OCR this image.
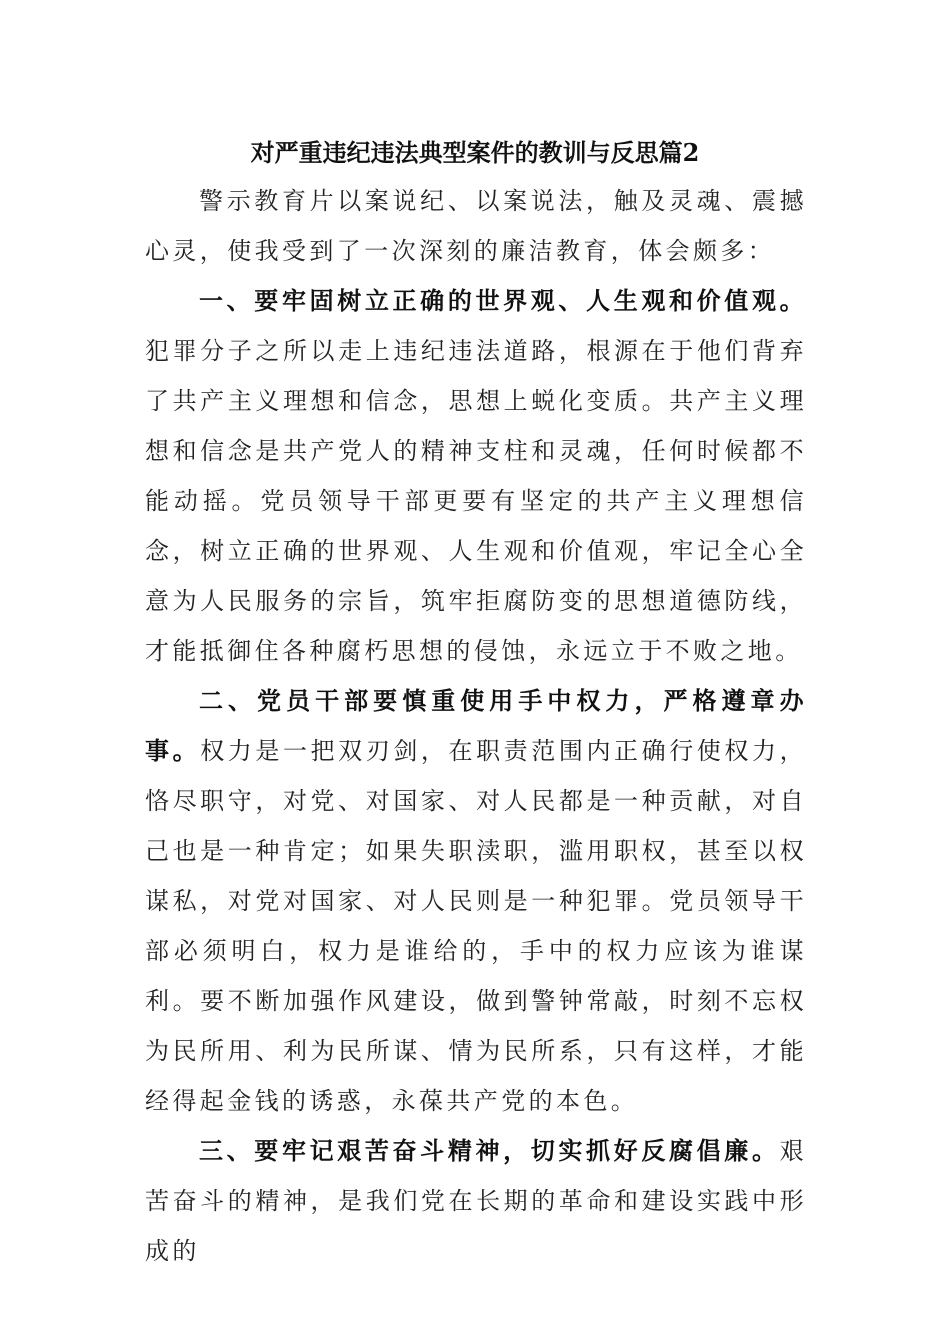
对严重违纪违法典型案件的教训与反思篇2

警示教育片以案说纪、以案说法，触及灵魂、震撼心灵，使我受到了一次深刻的廉洁教育，体会颇多：

一、要牢固树立正确的世界观、人生观和价值观。犯罪分子之所以走上违纪违法道路，根源在于他们背弃了共产主义理想和信念，思想上蜕化变质。共产主义理想和信念是共产党人的精神支柱和灵魂，任何时候都不能动摇。党员领导干部更要有坚定的共产主义理想信念，树立正确的世界观、人生观和价值观，牢记全心全意为人民服务的宗旨，筑牢拒腐防变的思想道德防线，才能抵御住各种腐朽思想的侵蚀，永远立于不败之地。

二、党员干部要慎重使用手中权力，严格遵章办事。权力是一把双刃剑，在职责范围内正确行使权力，恪尽职守，对党、对国家、对人民都是一种贡献，对自己也是一种肯定；如果失职渎职，滥用职权，甚至以权谋私，对党对国家、对人民则是一种犯罪。党员领导干部必须明白，权力是谁给的，手中的权力应该为谁谋利。要不断加强作风建设，做到警钟常敲，时刻不忘权为民所用、利为民所谋、情为民所系，只有这样，才能经得起金钱的诱惑，永葆共产党的本色。

三、要牢记艰苦奋斗精神，切实抓好反腐倡廉。艰苦奋斗的精神，是我们党在长期的革命和建设实践中形成的
